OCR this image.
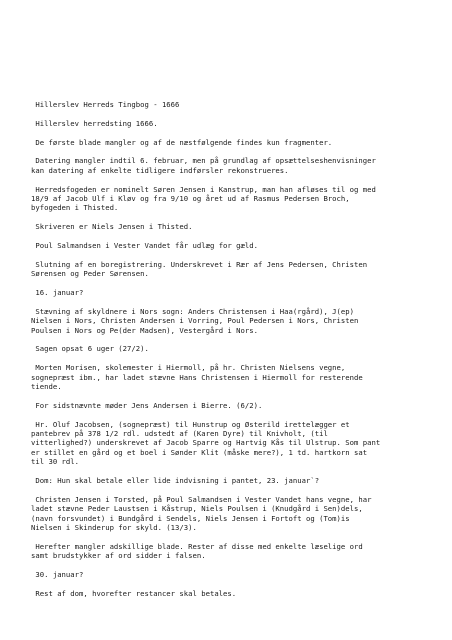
Hillerslev Herreds Tingbog - 1666
Hillerslev herredsting 1666.
De første blade mangler og af de næstfølgende findes kun fragmenter.
Datering mangler indtil 6. februar, men på grundlag af opsættelseshenvisninger
kan datering af enkelte tidligere indførsler rekonstrueres.
Herredsfogeden er nominelt Søren Jensen i Kanstrup, man han afløses til og med
18/9 af Jacob Ulf i Kløv og fra 9/10 og året ud af Rasmus Pedersen Broch,
byfogeden i Thisted.
Skriveren er Niels Jensen i Thisted.
Poul Salmandsen i Vester Vandet får udlæg for gæld.
Slutning af en boregistrering. Underskrevet i Rær af Jens Pedersen, Christen
Sørensen og Peder Sørensen.
16. januar?
Stævning af skyldnere i Nors sogn: Anders Christensen i Haa(rgård), J(ep)
Nielsen i Nors, Christen Andersen i Vorring, Poul Pedersen i Nors, Christen
Poulsen i Nors og Pe(der Madsen), Vestergård i Nors.
Sagen opsat 6 uger (27/2).
Morten Morisen, skolemester i Hiermoll, på hr. Christen Nielsens vegne,
sognepræst ibm., har ladet stævne Hans Christensen i Hiermoll for resterende
tiende.
For sidstnævnte møder Jens Andersen i Bierre. (6/2).
Hr. Oluf Jacobsen, (sognepræst) til Hunstrup og Østerild irettelægger et
pantebrev på 378 1/2 rdl. udstedt af (Karen Dyre) til Knivholt, (til
vitterlighed?) underskrevet af Jacob Sparre og Hartvig Kås til Ulstrup. Som pant
er stillet en gård og et boel i Sønder Klit (måske mere?), 1 td. hartkorn sat
til 30 rdl.
Dom: Hun skal betale eller lide indvisning i pantet, 23. januar`?
Christen Jensen i Torsted, på Poul Salmandsen i Vester Vandet hans vegne, har
ladet stævne Peder Laustsen i Kåstrup, Niels Poulsen i (Knudgård i Sen)dels,
(navn forsvundet) i Bundgård i Sendels, Niels Jensen i Fortoft og (Tom)is
Nielsen i Skinderup for skyld. (13/3).
Herefter mangler adskillige blade. Rester af disse med enkelte læselige ord
samt brudstykker af ord sidder i falsen.
30. januar?
Rest af dom, hvorefter restancer skal betales.
